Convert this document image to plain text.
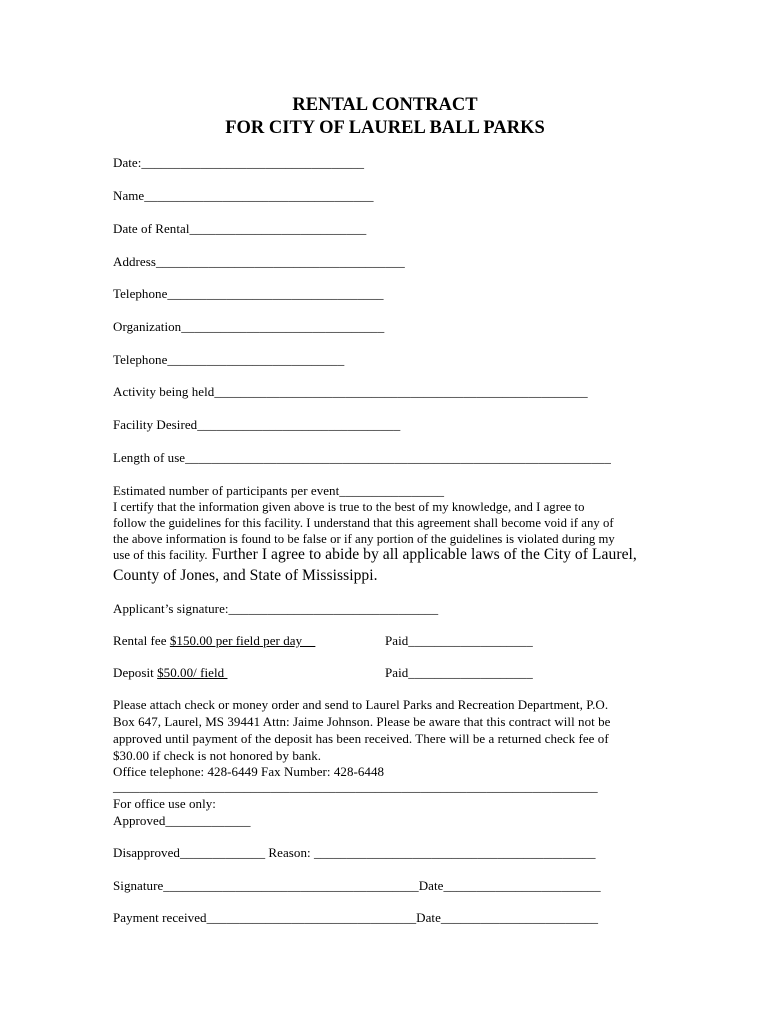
RENTAL CONTRACT
FOR CITY OF LAUREL BALL PARKS
Date:__________________________________
Name___________________________________
Date of Rental___________________________
Address______________________________________
Telephone_________________________________
Organization_______________________________
Telephone___________________________
Activity being held_________________________________________________________
Facility Desired_______________________________
Length of use_________________________________________________________________
Estimated number of participants per event________________
I certify that the information given above is true to the best of my knowledge, and I agree to
follow the guidelines for this facility. I understand that this agreement shall become void if any of
the above information is found to be false or if any portion of the guidelines is violated during my
use of this facility. Further I agree to abide by all applicable laws of the City of Laurel,
County of Jones, and State of Mississippi.
Applicant’s signature:________________________________
Rental fee $150.00 per field per day	Paid___________________
Deposit $50.00/ field	Paid___________________
Please attach check or money order and send to Laurel Parks and Recreation Department, P.O.
Box 647, Laurel, MS 39441 Attn: Jaime Johnson. Please be aware that this contract will not be
approved until payment of the deposit has been received. There will be a returned check fee of
$30.00 if check is not honored by bank.
Office telephone: 428-6449 Fax Number: 428-6448
__________________________________________________________________________
For office use only:
Approved_____________
Disapproved_____________ Reason: ___________________________________________
Signature_______________________________________Date________________________
Payment received________________________________Date________________________
